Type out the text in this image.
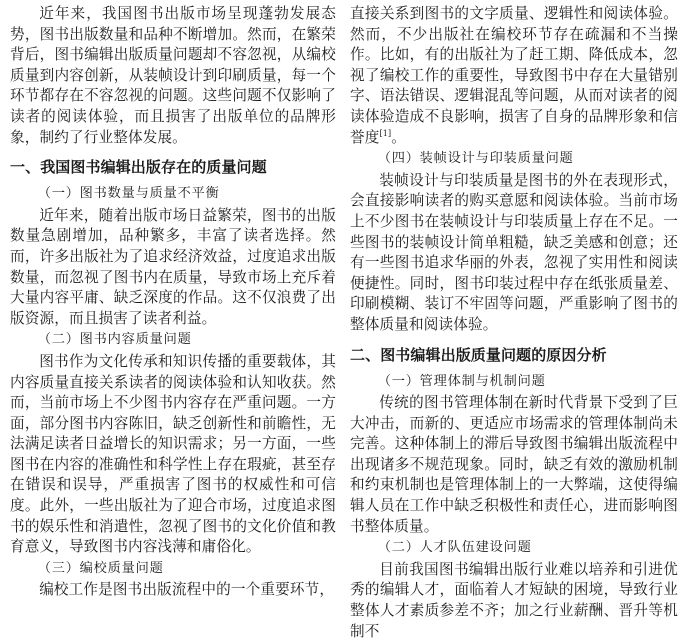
近年来，我国图书出版市场呈现蓬勃发展态势，图书出版数量和品种不断增加。然而，在繁荣背后，图书编辑出版质量问题却不容忽视，从编校质量到内容创新，从装帧设计到印刷质量，每一个环节都存在不容忽视的问题。这些问题不仅影响了读者的阅读体验，而且损害了出版单位的品牌形象，制约了行业整体发展。

一、我国图书编辑出版存在的质量问题
（一）图书数量与质量不平衡

近年来，随着出版市场日益繁荣，图书的出版数量急剧增加，品种繁多，丰富了读者选择。然而，许多出版社为了追求经济效益，过度追求出版数量，而忽视了图书内在质量，导致市场上充斥着大量内容平庸、缺乏深度的作品。这不仅浪费了出版资源，而且损害了读者利益。

（二）图书内容质量问题

图书作为文化传承和知识传播的重要载体，其内容质量直接关系读者的阅读体验和认知收获。然而，当前市场上不少图书内容存在严重问题。一方面，部分图书内容陈旧，缺乏创新性和前瞻性，无法满足读者日益增长的知识需求；另一方面，一些图书在内容的准确性和科学性上存在瑕疵，甚至存在错误和误导，严重损害了图书的权威性和可信度。此外，一些出版社为了迎合市场，过度追求图书的娱乐性和消遣性，忽视了图书的文化价值和教育意义，导致图书内容浅薄和庸俗化。

（三）编校质量问题

编校工作是图书出版流程中的一个重要环节，

直接关系到图书的文字质量、逻辑性和阅读体验。然而，不少出版社在编校环节存在疏漏和不当操作。比如，有的出版社为了赶工期、降低成本，忽视了编校工作的重要性，导致图书中存在大量错别字、语法错误、逻辑混乱等问题，从而对读者的阅读体验造成不良影响，损害了自身的品牌形象和信誉度[1]。

（四）装帧设计与印装质量问题

装帧设计与印装质量是图书的外在表现形式，会直接影响读者的购买意愿和阅读体验。当前市场上不少图书在装帧设计与印装质量上存在不足。一些图书的装帧设计简单粗糙，缺乏美感和创意；还有一些图书追求华丽的外表，忽视了实用性和阅读便捷性。同时，图书印装过程中存在纸张质量差、印刷模糊、装订不牢固等问题，严重影响了图书的整体质量和阅读体验。

二、图书编辑出版质量问题的原因分析
（一）管理体制与机制问题

传统的图书管理体制在新时代背景下受到了巨大冲击，而新的、更适应市场需求的管理体制尚未完善。这种体制上的滞后导致图书编辑出版流程中出现诸多不规范现象。同时，缺乏有效的激励机制和约束机制也是管理体制上的一大弊端，这使得编辑人员在工作中缺乏积极性和责任心，进而影响图书整体质量。

（二）人才队伍建设问题

目前我国图书编辑出版行业难以培养和引进优秀的编辑人才，面临着人才短缺的困境，导致行业整体人才素质参差不齐；加之行业薪酬、晋升等机制不
